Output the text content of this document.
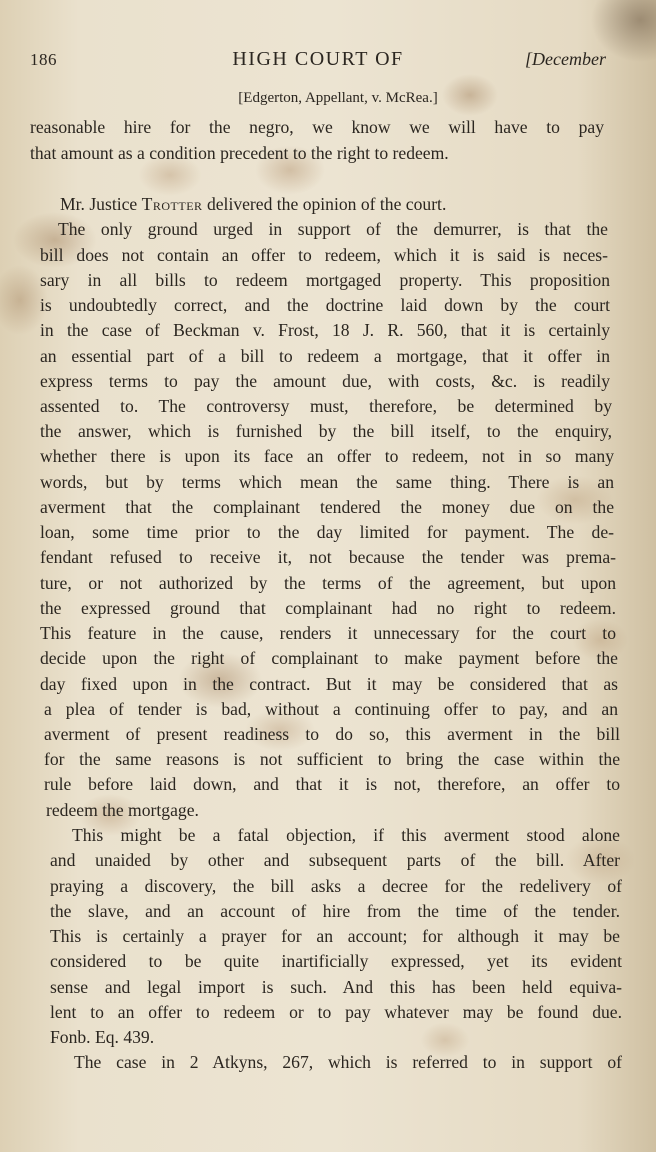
186	HIGH COURT OF	[December
[Edgerton, Appellant, v. McRea.]
reasonable hire for the negro, we know we will have to pay
that amount as a condition precedent to the right to redeem.
Mr. Justice Trotter delivered the opinion of the court.
The only ground urged in support of the demurrer, is that the
bill does not contain an offer to redeem, which it is said is neces-
sary in all bills to redeem mortgaged property. This proposition
is undoubtedly correct, and the doctrine laid down by the court
in the case of Beckman v. Frost, 18 J. R. 560, that it is certainly
an essential part of a bill to redeem a mortgage, that it offer in
express terms to pay the amount due, with costs, &c. is readily
assented to. The controversy must, therefore, be determined by
the answer, which is furnished by the bill itself, to the enquiry,
whether there is upon its face an offer to redeem, not in so many
words, but by terms which mean the same thing. There is an
averment that the complainant tendered the money due on the
loan, some time prior to the day limited for payment. The de-
fendant refused to receive it, not because the tender was prema-
ture, or not authorized by the terms of the agreement, but upon
the expressed ground that complainant had no right to redeem.
This feature in the cause, renders it unnecessary for the court to
decide upon the right of complainant to make payment before the
day fixed upon in the contract. But it may be considered that as
a plea of tender is bad, without a continuing offer to pay, and an
averment of present readiness to do so, this averment in the bill
for the same reasons is not sufficient to bring the case within the
rule before laid down, and that it is not, therefore, an offer to
redeem the mortgage.
This might be a fatal objection, if this averment stood alone
and unaided by other and subsequent parts of the bill. After
praying a discovery, the bill asks a decree for the redelivery of
the slave, and an account of hire from the time of the tender.
This is certainly a prayer for an account; for although it may be
considered to be quite inartificially expressed, yet its evident
sense and legal import is such. And this has been held equiva-
lent to an offer to redeem or to pay whatever may be found due.
Fonb. Eq. 439.
The case in 2 Atkyns, 267, which is referred to in support of
